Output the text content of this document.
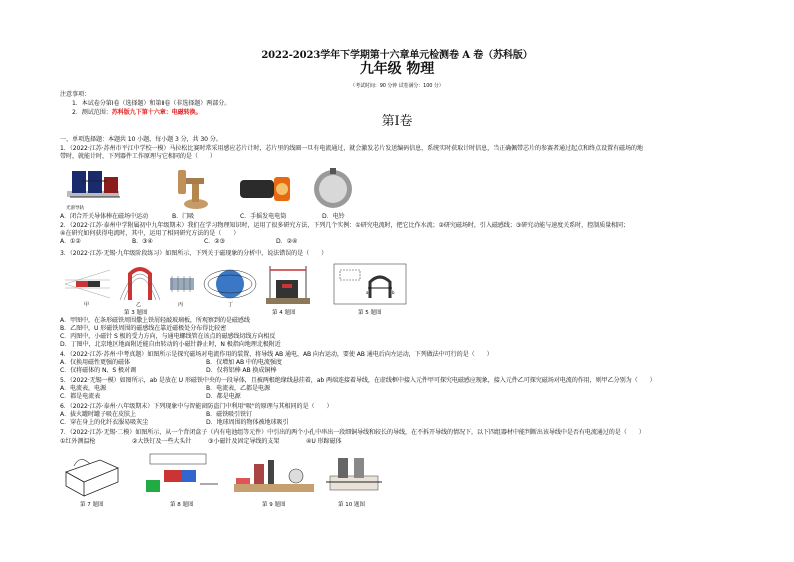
2022-2023学年下学期第十六章单元检测卷 A 卷（苏科版）
九年级 物理
（考试时间：90 分钟 试卷满分：100 分）
注意事项：
1．本试卷分第Ⅰ卷（选择题）和第Ⅱ卷（非选择题）两部分。
2．测试范围：苏科版九下第十六章：电磁转换。
第Ⅰ卷
一、单项选择题：本题共 10 小题，每小题 3 分，共 30 分。
1．（2022·江苏·苏州市平江中学校一模）马拉松比赛时常采用感应芯片计时，芯片里的线圈一旦有电流通过，就会激发芯片发送编码信息，系统实时获取计时信息，当正确佩带芯片的参赛者通过起点和终点设置有磁场的地
带时，就能计时，下列器件工作原理与它相同的是（　　）
光滑导轨
A．闭合开关导体棒在磁场中运动	B．门吸	C．手摇发电电筒	D．电铃
2．（2022·江苏·泰州中学附属初中九年级期末）我们在学习物理知识时，运用了很多研究方法，下列几个实例：①研究电流时，把它比作水流；②研究磁场时，引入磁感线；③研究动能与速度关系时，控制质量相同；
④在研究如何获得电流时，其中，运用了相同研究方法的是（　　）
A．①②	B．③④	C．②③	D．②④
3．（2022·江苏·无锡·九年级阶段练习）如图所示，下列关于磁现象的分析中，说法错误的是（　　）
甲	乙	丙	丁
a	b
第 3 题图	第 4 题图	第 5 题图
A．甲图中，在条形磁铁周围撒上铁屑轻敲玻璃板，所观察到的是磁感线
B．乙图中，U 形磁铁周围的磁感线在靠近磁极处分布得比较密
C．丙图中，小磁针 S 极的受力方向，与通电螺线管在该点的磁感线切线方向相反
D．丁图中，北京地区地面附近能自由转动的小磁针静止时，N 极指向地理北极附近
4．（2022·江苏·苏州·中考真题）如图所示是探究磁场对电流作用的装置，将导线 AB 通电，AB 向右运动，要使 AB 通电后向左运动，下列做法中可行的是（　　）
A．仅换用磁性更强的磁体	B．仅增加 AB 中的电流强度
C．仅将磁体的 N、S 极对调	D．仅将铝棒 AB 换成铜棒
5．（2022·无锡一模）如图所示，ab 是放在 U 形磁铁中央的一段导体，且被两根绝缘线悬挂着，ab 两端连接着导线，在虚线框中接入元件甲可探究电磁感应现象，接入元件乙可探究磁场对电流的作用，则甲乙分别为（　　）
A．电流表，电源	B．电流表，乙都是电源
C．都是电流表	D．都是电源
6．（2022·江苏·泰州·八年级期末）下列现象中与智能窗防盗门中利用"吸"的原理与其相同的是（　　）
A．拔火罐时罐子吸在皮肤上	B．磁铁吸引铁钉
C．穿在身上的化纤衣服易吸灰尘	D．地球周围的物体被地球吸引
7．（2022·江苏·无锡·二模）如图所示，从一个背闭盒子（内有电池组等元件）中引出的两个小孔中串出一段细铜导线和较长的导线，在不拆开导线的情况下，以下四组器材中能判断出该导线中是否有电流通过的是（　　）
①红外测温枪	②大铁钉及一些大头针	③小磁针及固定导线的支架	④U 形蹄磁体
第 7 题图	第 8 题图	第 9 题图	第 10 题图
